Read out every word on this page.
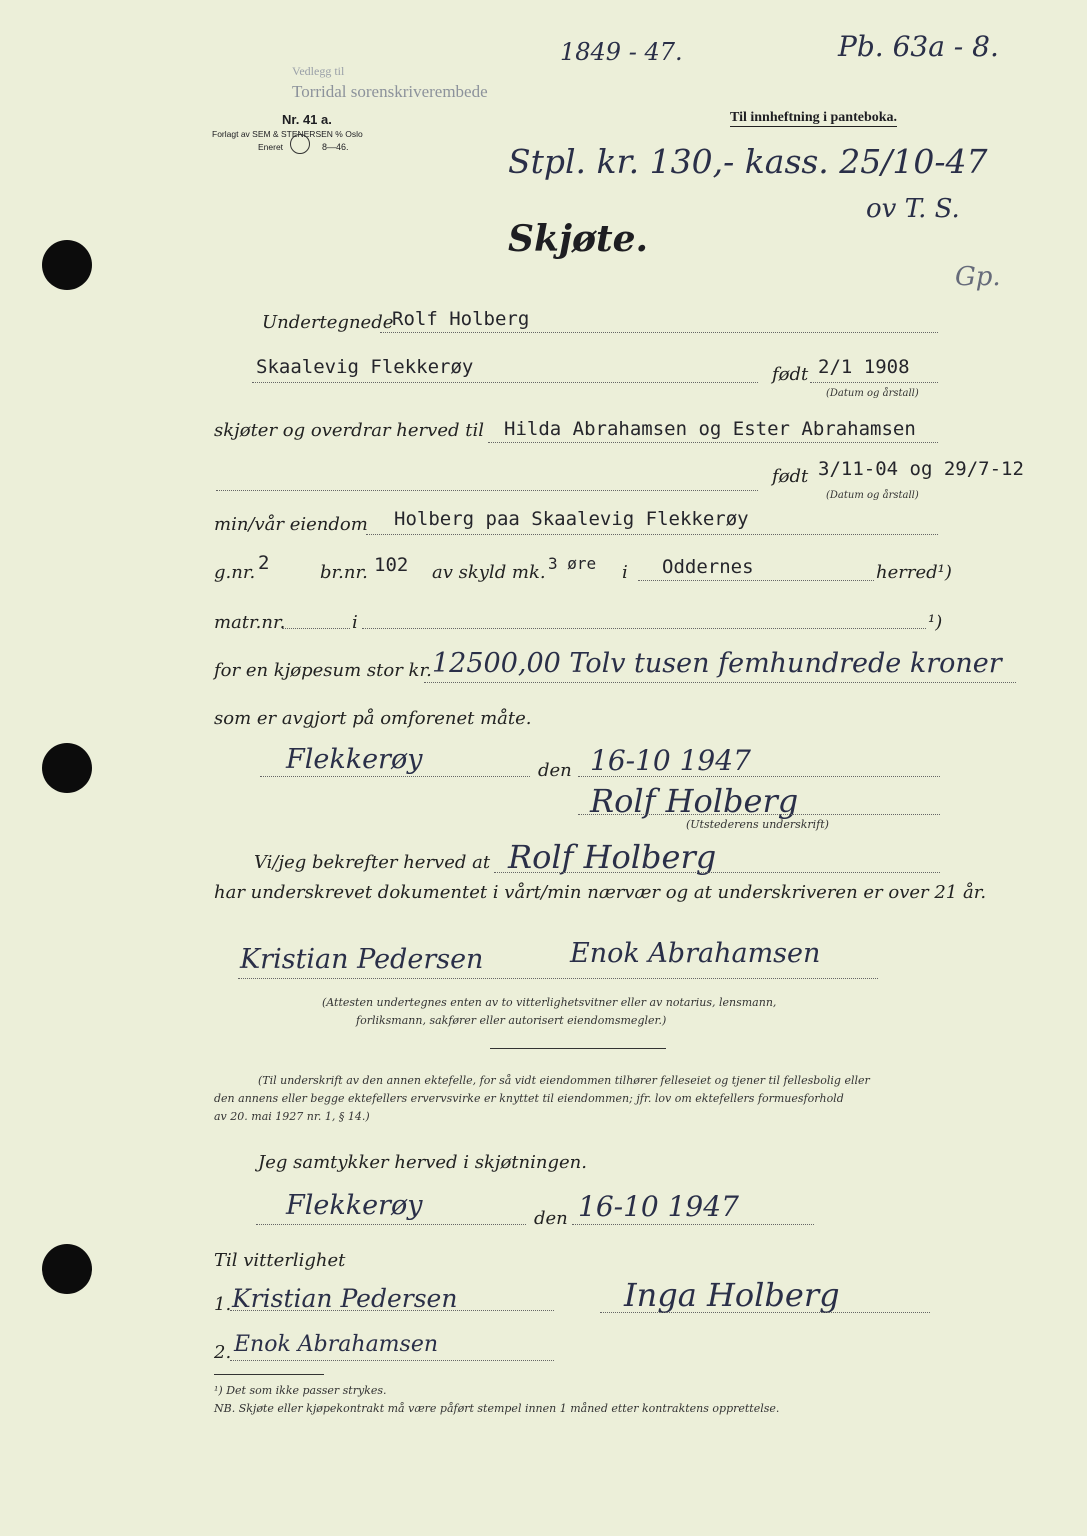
Vedlegg til
Torridal sorenskriverembede
1849 - 47.	Pb. 63a - 8.
Nr. 41 a.
Forlagt av SEM & STENERSEN % Oslo
Eneret	8—46.
Til innheftning i panteboka.
Stpl. kr. 130,- kass. 25/10-47
ov T. S.
Gp.
Skjøte.
Undertegnede
Rolf Holberg
Skaalevig Flekkerøy	født 2/1 1908
(Datum og årstall)
skjøter og overdrar herved til Hilda Abrahamsen og Ester Abrahamsen
født 3/11-04 og 29/7-12
(Datum og årstall)
min/vår eiendom Holberg paa Skaalevig Flekkerøy
g.nr. 2	br.nr. 102 av skyld mk. 3 øre i Oddernes	herred¹)
matr.nr.	i	¹)
for en kjøpesum stor kr. 12500,00 Tolv tusen femhundrede kroner
som er avgjort på omforenet måte.
Flekkerøy	den 16-10 1947
Rolf Holberg
(Utstederens underskrift)
Vi/jeg bekrefter herved at Rolf Holberg
har underskrevet dokumentet i vårt/min nærvær og at underskriveren er over 21 år.
Kristian Pedersen	Enok Abrahamsen
(Attesten undertegnes enten av to vitterlighetsvitner eller av notarius, lensmann,
forliksmann, sakfører eller autorisert eiendomsmegler.)
(Til underskrift av den annen ektefelle, for så vidt eiendommen tilhører felleseiet og tjener til fellesbolig eller
den annens eller begge ektefellers ervervsvirke er knyttet til eiendommen; jfr. lov om ektefellers formuesforhold
av 20. mai 1927 nr. 1, § 14.)
Jeg samtykker herved i skjøtningen.
Flekkerøy	den 16-10 1947
Til vitterlighet
1. Kristian Pedersen	Inga Holberg
2. Enok Abrahamsen
¹) Det som ikke passer strykes.
NB. Skjøte eller kjøpekontrakt må være påført stempel innen 1 måned etter kontraktens opprettelse.
